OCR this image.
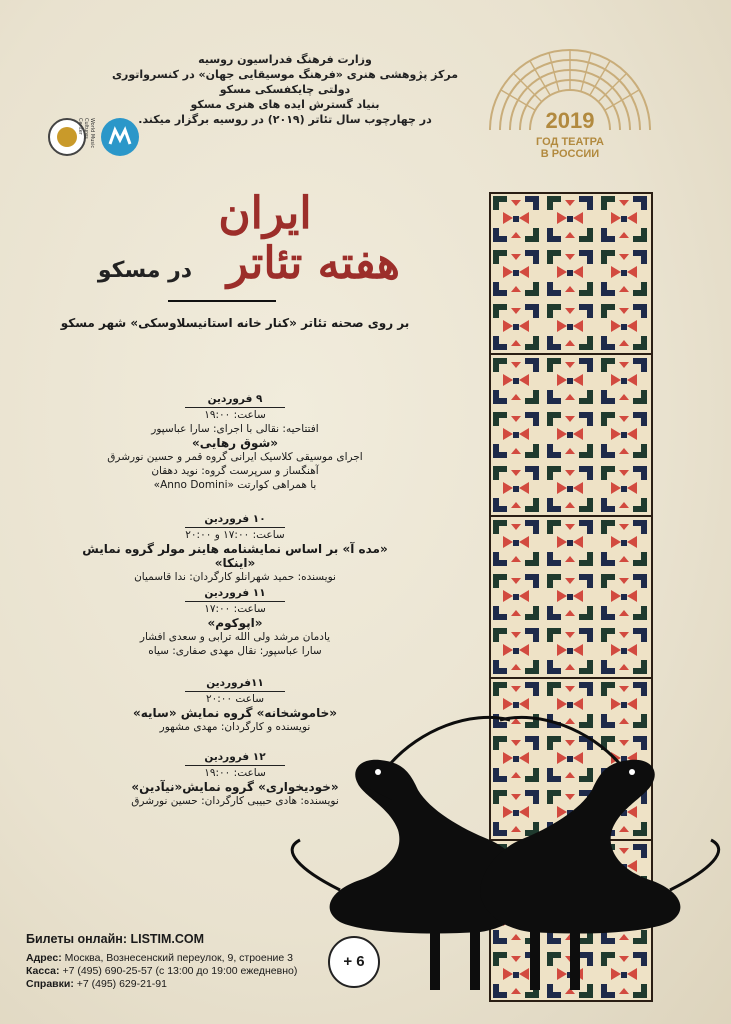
وزارت فرهنگ فدراسیون روسیه
مرکز پژوهشی هنری «فرهنگ موسیقایی جهان» در کنسرواتوری دولتی چایکفسکی مسکو
بنیاد گسترش ایده های هنری مسکو
در چهارچوب سال تئاتر (۲۰۱۹) در روسیه برگزار میکند.
World Music Cultures Center	2019
ГОД ТЕАТРА
В РОССИИ
ایران
هفته تئاتر
در مسکو
بر روی صحنه تئاتر «کنار خانه استانیسلاوسکی» شهر مسکو
۹ فروردین
ساعت: ۱۹:۰۰
افتتاحیه: نقالی با اجرای: سارا عباسپور
«شوق رهایی»
اجرای موسیقی کلاسیک ایرانی گروه قمر و حسین نورشرق
آهنگساز و سرپرست گروه: نوید دهقان
با همراهی کوارتت «Anno Domini»
۱۰ فروردین
ساعت: ۱۷:۰۰ و ۲۰:۰۰
«مده آ» بر اساس نمایشنامه هاینر مولر گروه نمایش «اینکا»
نویسنده: حمید شهرانلو کارگردان: ندا قاسمیان
۱۱ فروردین
ساعت: ۱۷:۰۰
«اپوکوم»
یادمان مرشد ولی الله ترابی و سعدی افشار
سارا عباسپور: نقال مهدی صفاری: سیاه
۱۱فروردین
ساعت ۲۰:۰۰
«خاموشخانه» گروه نمایش «سایه»
نویسنده و کارگردان: مهدی مشهور
۱۲ فروردین
ساعت: ۱۹:۰۰
«خودیخواری» گروه نمایش«نیآدین»
نویسنده: هادی حبیبی کارگردان: حسین نورشرق
Билеты онлайн: LISTIM.COM
Адрес: Москва, Вознесенский переулок, 9, строение 3
Касса: +7 (495) 690-25-57 (с 13:00 до 19:00 ежедневно)
Справки: +7 (495) 629-21-91
+ 6
